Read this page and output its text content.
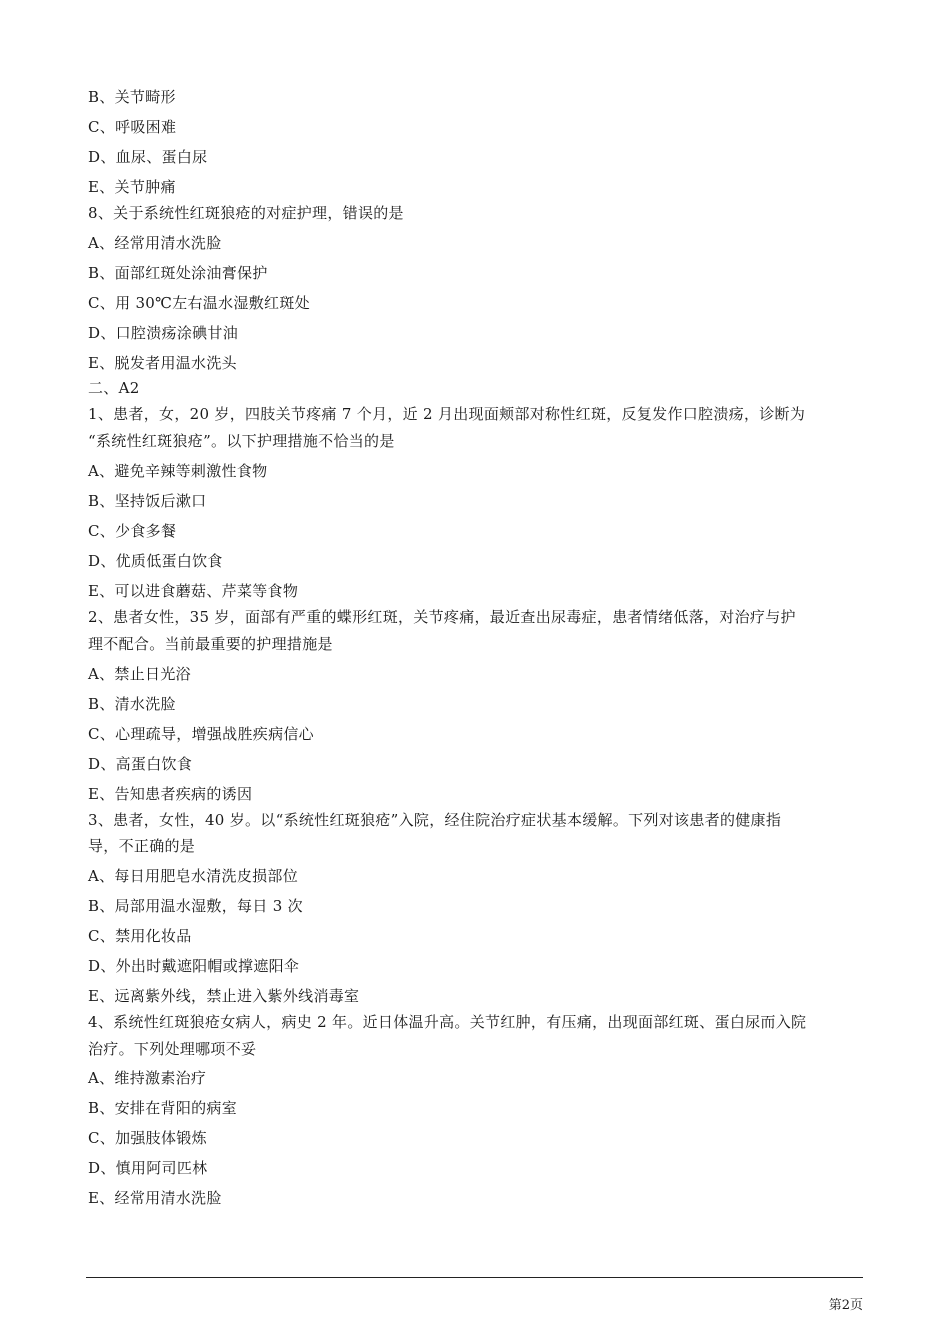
B、关节畸形
C、呼吸困难
D、血尿、蛋白尿
E、关节肿痛
8、关于系统性红斑狼疮的对症护理，错误的是
A、经常用清水洗脸
B、面部红斑处涂油膏保护
C、用 30℃左右温水湿敷红斑处
D、口腔溃疡涂碘甘油
E、脱发者用温水洗头
二、A2
1、患者，女，20 岁，四肢关节疼痛 7 个月，近 2 月出现面颊部对称性红斑，反复发作口腔溃疡，诊断为
“系统性红斑狼疮”。以下护理措施不恰当的是
A、避免辛辣等刺激性食物
B、坚持饭后漱口
C、少食多餐
D、优质低蛋白饮食
E、可以进食蘑菇、芹菜等食物
2、患者女性，35 岁，面部有严重的蝶形红斑，关节疼痛，最近查出尿毒症，患者情绪低落，对治疗与护
理不配合。当前最重要的护理措施是
A、禁止日光浴
B、清水洗脸
C、心理疏导，增强战胜疾病信心
D、高蛋白饮食
E、告知患者疾病的诱因
3、患者，女性，40 岁。以“系统性红斑狼疮”入院，经住院治疗症状基本缓解。下列对该患者的健康指
导，不正确的是
A、每日用肥皂水清洗皮损部位
B、局部用温水湿敷，每日 3 次
C、禁用化妆品
D、外出时戴遮阳帽或撑遮阳伞
E、远离紫外线，禁止进入紫外线消毒室
4、系统性红斑狼疮女病人，病史 2 年。近日体温升高。关节红肿，有压痛，出现面部红斑、蛋白尿而入院
治疗。下列处理哪项不妥
A、维持激素治疗
B、安排在背阳的病室
C、加强肢体锻炼
D、慎用阿司匹林
E、经常用清水洗脸
第2页
